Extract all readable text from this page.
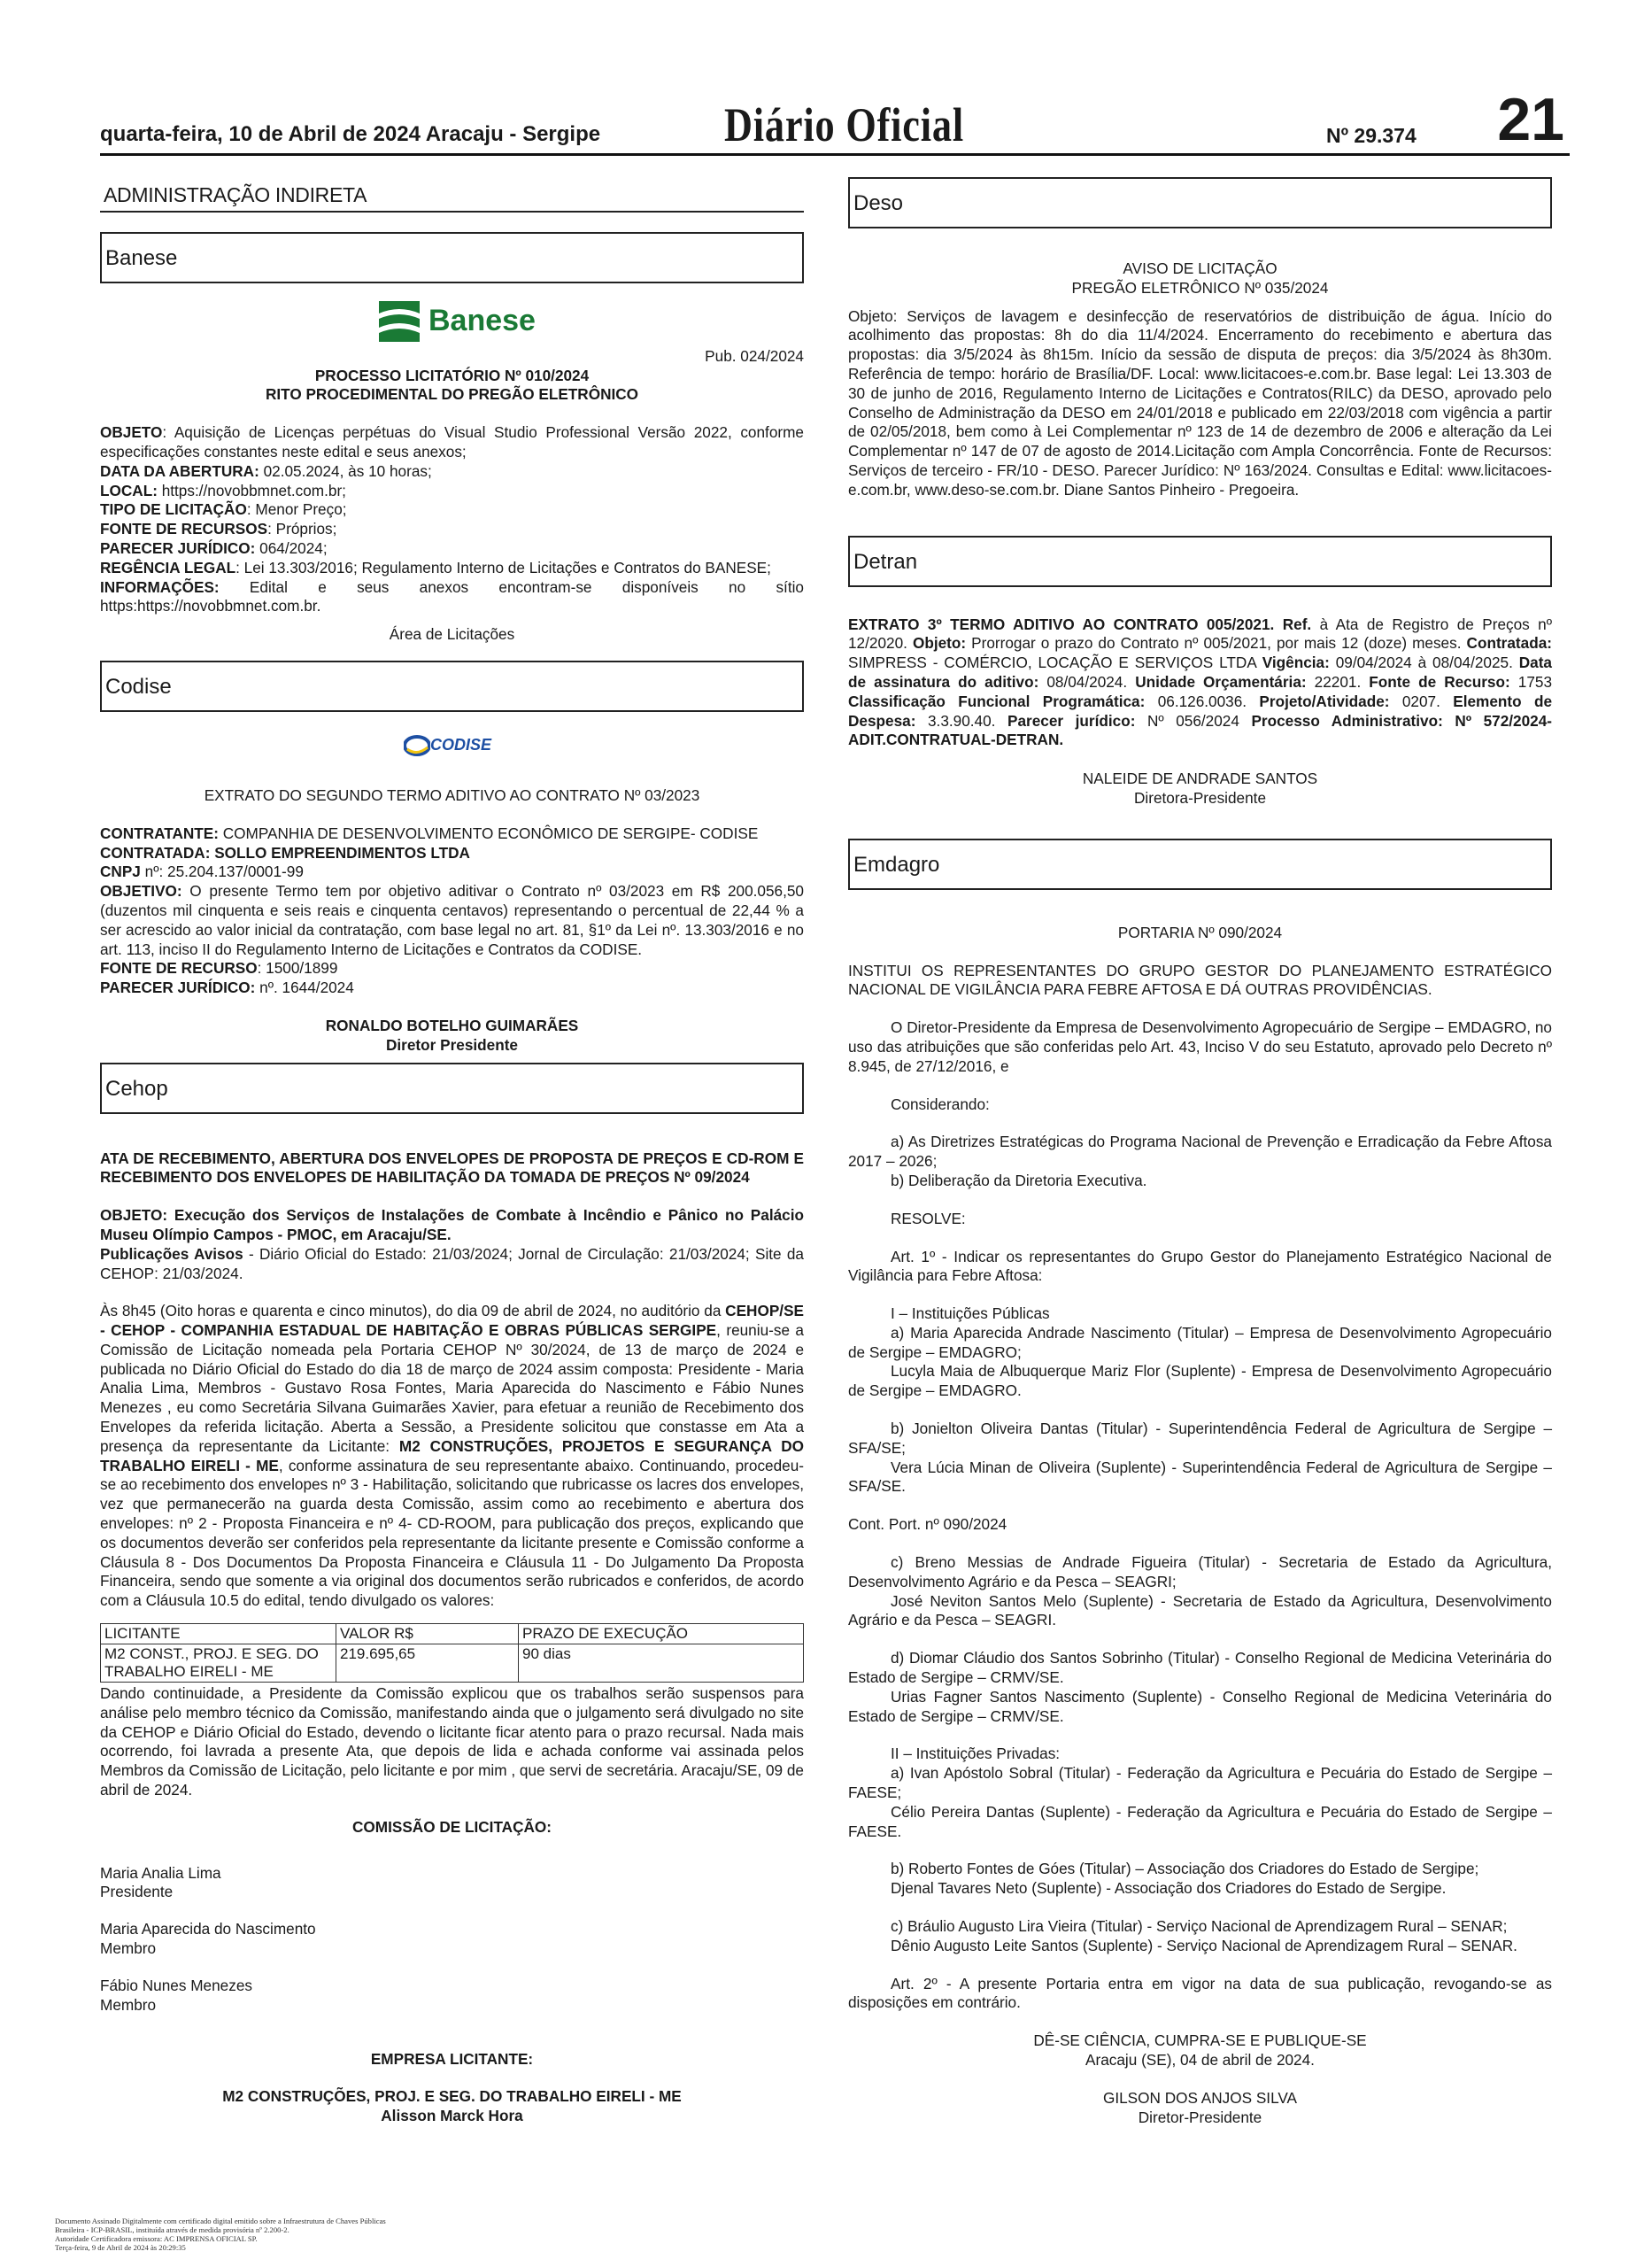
quarta-feira, 10 de Abril de 2024 Aracaju - Sergipe	Diário Oficial	Nº 29.374 21
ADMINISTRAÇÃO INDIRETA
Banese
Banese
Pub. 024/2024
PROCESSO LICITATÓRIO Nº 010/2024
RITO PROCEDIMENTAL DO PREGÃO ELETRÔNICO
OBJETO: Aquisição de Licenças perpétuas do Visual Studio Professional Versão 2022, conforme especificações constantes neste edital e seus anexos;
DATA DA ABERTURA: 02.05.2024, às 10 horas;
LOCAL: https://novobbmnet.com.br;
TIPO DE LICITAÇÃO: Menor Preço;
FONTE DE RECURSOS: Próprios;
PARECER JURÍDICO: 064/2024;
REGÊNCIA LEGAL: Lei 13.303/2016; Regulamento Interno de Licitações e Contratos do BANESE;
INFORMAÇÕES: Edital e seus anexos encontram-se disponíveis no sítio https:https://novobbmnet.com.br.
Área de Licitações
Codise
CODISE
EXTRATO DO SEGUNDO TERMO ADITIVO AO CONTRATO Nº 03/2023
CONTRATANTE: COMPANHIA DE DESENVOLVIMENTO ECONÔMICO DE SERGIPE- CODISE
CONTRATADA: SOLLO EMPREENDIMENTOS LTDA
CNPJ nº: 25.204.137/0001-99
OBJETIVO: O presente Termo tem por objetivo aditivar o Contrato nº 03/2023 em R$ 200.056,50 (duzentos mil cinquenta e seis reais e cinquenta centavos) representando o percentual de 22,44 % a ser acrescido ao valor inicial da contratação, com base legal no art. 81, §1º da Lei nº. 13.303/2016 e no art. 113, inciso II do Regulamento Interno de Licitações e Contratos da CODISE.
FONTE DE RECURSO: 1500/1899
PARECER JURÍDICO: nº. 1644/2024
RONALDO BOTELHO GUIMARÃES
Diretor Presidente
Cehop
ATA DE RECEBIMENTO, ABERTURA DOS ENVELOPES DE PROPOSTA DE PREÇOS E CD-ROM E RECEBIMENTO DOS ENVELOPES DE HABILITAÇÃO DA TOMADA DE PREÇOS Nº 09/2024
OBJETO: Execução dos Serviços de Instalações de Combate à Incêndio e Pânico no Palácio Museu Olímpio Campos - PMOC, em Aracaju/SE.
Publicações Avisos - Diário Oficial do Estado: 21/03/2024; Jornal de Circulação: 21/03/2024; Site da CEHOP: 21/03/2024.
Às 8h45 (Oito horas e quarenta e cinco minutos), do dia 09 de abril de 2024, no auditório da CEHOP/SE - CEHOP - COMPANHIA ESTADUAL DE HABITAÇÃO E OBRAS PÚBLICAS SERGIPE, reuniu-se a Comissão de Licitação nomeada pela Portaria CEHOP Nº 30/2024, de 13 de março de 2024 e publicada no Diário Oficial do Estado do dia 18 de março de 2024 assim composta: Presidente - Maria Analia Lima, Membros - Gustavo Rosa Fontes, Maria Aparecida do Nascimento e Fábio Nunes Menezes , eu como Secretária Silvana Guimarães Xavier, para efetuar a reunião de Recebimento dos Envelopes da referida licitação. Aberta a Sessão, a Presidente solicitou que constasse em Ata a presença da representante da Licitante: M2 CONSTRUÇÕES, PROJETOS E SEGURANÇA DO TRABALHO EIRELI - ME, conforme assinatura de seu representante abaixo. Continuando, procedeu-se ao recebimento dos envelopes nº 3 - Habilitação, solicitando que rubricasse os lacres dos envelopes, vez que permanecerão na guarda desta Comissão, assim como ao recebimento e abertura dos envelopes: nº 2 - Proposta Financeira e nº 4- CD-ROOM, para publicação dos preços, explicando que os documentos deverão ser conferidos pela representante da licitante presente e Comissão conforme a Cláusula 8 - Dos Documentos Da Proposta Financeira e Cláusula 11 - Do Julgamento Da Proposta Financeira, sendo que somente a via original dos documentos serão rubricados e conferidos, de acordo com a Cláusula 10.5 do edital, tendo divulgado os valores:
LICITANTE	VALOR R$	PRAZO DE EXECUÇÃO
M2 CONST., PROJ. E SEG. DO TRABALHO EIRELI - ME	219.695,65	90 dias
Dando continuidade, a Presidente da Comissão explicou que os trabalhos serão suspensos para análise pelo membro técnico da Comissão, manifestando ainda que o julgamento será divulgado no site da CEHOP e Diário Oficial do Estado, devendo o licitante ficar atento para o prazo recursal. Nada mais ocorrendo, foi lavrada a presente Ata, que depois de lida e achada conforme vai assinada pelos Membros da Comissão de Licitação, pelo licitante e por mim , que servi de secretária. Aracaju/SE, 09 de abril de 2024.
COMISSÃO DE LICITAÇÃO:
Maria Analia Lima
Presidente
Maria Aparecida do Nascimento
Membro
Fábio Nunes Menezes
Membro
EMPRESA LICITANTE:
M2 CONSTRUÇÕES, PROJ. E SEG. DO TRABALHO EIRELI - ME
Alisson Marck Hora
Deso
AVISO DE LICITAÇÃO
PREGÃO ELETRÔNICO Nº 035/2024
Objeto: Serviços de lavagem e desinfecção de reservatórios de distribuição de água. Início do acolhimento das propostas: 8h do dia 11/4/2024. Encerramento do recebimento e abertura das propostas: dia 3/5/2024 às 8h15m. Início da sessão de disputa de preços: dia 3/5/2024 às 8h30m. Referência de tempo: horário de Brasília/DF. Local: www.licitacoes-e.com.br. Base legal: Lei 13.303 de 30 de junho de 2016, Regulamento Interno de Licitações e Contratos(RILC) da DESO, aprovado pelo Conselho de Administração da DESO em 24/01/2018 e publicado em 22/03/2018 com vigência a partir de 02/05/2018, bem como à Lei Complementar nº 123 de 14 de dezembro de 2006 e alteração da Lei Complementar nº 147 de 07 de agosto de 2014.Licitação com Ampla Concorrência. Fonte de Recursos: Serviços de terceiro - FR/10 - DESO. Parecer Jurídico: Nº 163/2024. Consultas e Edital: www.licitacoes-e.com.br, www.deso-se.com.br. Diane Santos Pinheiro - Pregoeira.
Detran
EXTRATO 3º TERMO ADITIVO AO CONTRATO 005/2021. Ref. à Ata de Registro de Preços nº 12/2020. Objeto: Prorrogar o prazo do Contrato nº 005/2021, por mais 12 (doze) meses. Contratada: SIMPRESS - COMÉRCIO, LOCAÇÃO E SERVIÇOS LTDA Vigência: 09/04/2024 à 08/04/2025. Data de assinatura do aditivo: 08/04/2024. Unidade Orçamentária: 22201. Fonte de Recurso: 1753 Classificação Funcional Programática: 06.126.0036. Projeto/Atividade: 0207. Elemento de Despesa: 3.3.90.40. Parecer jurídico: Nº 056/2024 Processo Administrativo: Nº 572/2024-ADIT.CONTRATUAL-DETRAN.
NALEIDE DE ANDRADE SANTOS
Diretora-Presidente
Emdagro
PORTARIA Nº 090/2024
INSTITUI OS REPRESENTANTES DO GRUPO GESTOR DO PLANEJAMENTO ESTRATÉGICO NACIONAL DE VIGILÂNCIA PARA FEBRE AFTOSA E DÁ OUTRAS PROVIDÊNCIAS.
O Diretor-Presidente da Empresa de Desenvolvimento Agropecuário de Sergipe – EMDAGRO, no uso das atribuições que são conferidas pelo Art. 43, Inciso V do seu Estatuto, aprovado pelo Decreto nº 8.945, de 27/12/2016, e
Considerando:
a) As Diretrizes Estratégicas do Programa Nacional de Prevenção e Erradicação da Febre Aftosa 2017 – 2026;
b) Deliberação da Diretoria Executiva.
RESOLVE:
Art. 1º - Indicar os representantes do Grupo Gestor do Planejamento Estratégico Nacional de Vigilância para Febre Aftosa:
I – Instituições Públicas
a) Maria Aparecida Andrade Nascimento (Titular) – Empresa de Desenvolvimento Agropecuário de Sergipe – EMDAGRO;
Lucyla Maia de Albuquerque Mariz Flor (Suplente) - Empresa de Desenvolvimento Agropecuário de Sergipe – EMDAGRO.
b) Jonielton Oliveira Dantas (Titular) - Superintendência Federal de Agricultura de Sergipe – SFA/SE;
Vera Lúcia Minan de Oliveira (Suplente) - Superintendência Federal de Agricultura de Sergipe – SFA/SE.
Cont. Port. nº 090/2024
c) Breno Messias de Andrade Figueira (Titular) - Secretaria de Estado da Agricultura, Desenvolvimento Agrário e da Pesca – SEAGRI;
José Neviton Santos Melo (Suplente) - Secretaria de Estado da Agricultura, Desenvolvimento Agrário e da Pesca – SEAGRI.
d) Diomar Cláudio dos Santos Sobrinho (Titular) - Conselho Regional de Medicina Veterinária do Estado de Sergipe – CRMV/SE.
Urias Fagner Santos Nascimento (Suplente) - Conselho Regional de Medicina Veterinária do Estado de Sergipe – CRMV/SE.
II – Instituições Privadas:
a) Ivan Apóstolo Sobral (Titular) - Federação da Agricultura e Pecuária do Estado de Sergipe – FAESE;
Célio Pereira Dantas (Suplente) - Federação da Agricultura e Pecuária do Estado de Sergipe – FAESE.
b) Roberto Fontes de Góes (Titular) – Associação dos Criadores do Estado de Sergipe;
Djenal Tavares Neto (Suplente) - Associação dos Criadores do Estado de Sergipe.
c) Bráulio Augusto Lira Vieira (Titular) - Serviço Nacional de Aprendizagem Rural – SENAR;
Dênio Augusto Leite Santos (Suplente) - Serviço Nacional de Aprendizagem Rural – SENAR.
Art. 2º - A presente Portaria entra em vigor na data de sua publicação, revogando-se as disposições em contrário.
DÊ-SE CIÊNCIA, CUMPRA-SE E PUBLIQUE-SE
Aracaju (SE), 04 de abril de 2024.
GILSON DOS ANJOS SILVA
Diretor-Presidente
Documento Assinado Digitalmente com certificado digital emitido sobre a Infraestrutura de Chaves Públicas
Brasileira - ICP-BRASIL, instituída através de medida provisória nº 2.200-2.
Autoridade Certificadora emissora: AC IMPRENSA OFICIAL SP.
Terça-feira, 9 de Abril de 2024 às 20:29:35
